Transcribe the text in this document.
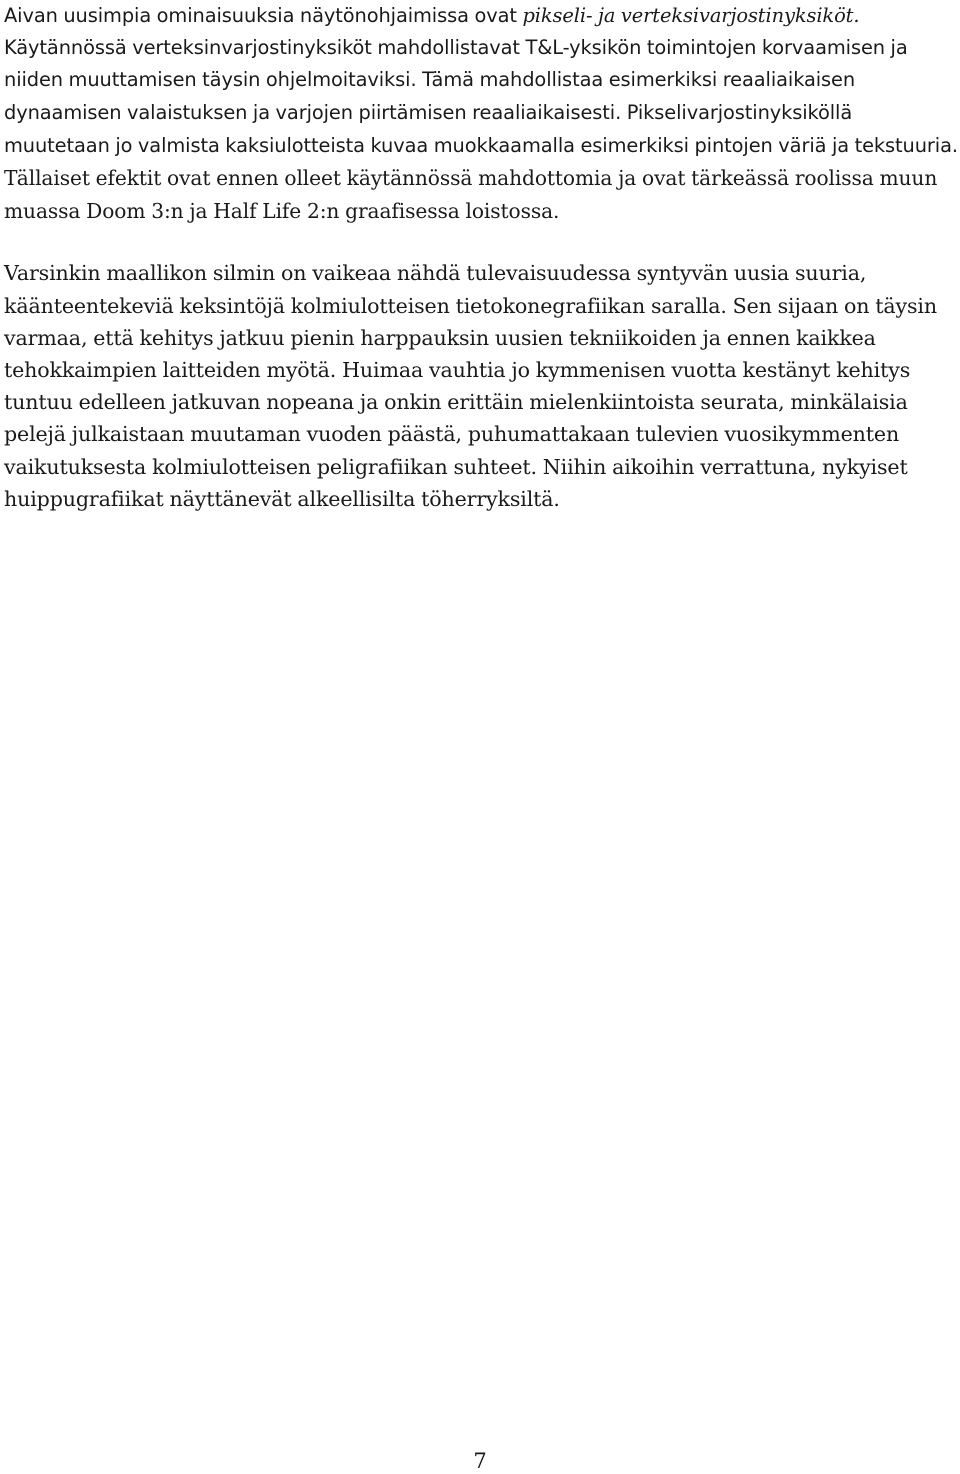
Aivan uusimpia ominaisuuksia näytönohjaimissa ovat pikseli- ja verteksivarjostinyksiköt. Käytännössä verteksinvarjostinyksiköt mahdollistavat T&L-yksikön toimintojen korvaamisen ja niiden muuttamisen täysin ohjelmoitaviksi. Tämä mahdollistaa esimerkiksi reaaliaikaisen dynaamisen valaistuksen ja varjojen piirtämisen reaaliaikaisesti. Pikselivarjostinyksiköllä muutetaan jo valmista kaksiulotteista kuvaa muokkaamalla esimerkiksi pintojen väriä ja tekstuuria. Tällaiset efektit ovat ennen olleet käytännössä mahdottomia ja ovat tärkeässä roolissa muun muassa Doom 3:n ja Half Life 2:n graafisessa loistossa.

Varsinkin maallikon silmin on vaikeaa nähdä tulevaisuudessa syntyvän uusia suuria, käänteentekeviä keksintöjä kolmiulotteisen tietokonegrafiikan saralla. Sen sijaan on täysin varmaa, että kehitys jatkuu pienin harppauksin uusien tekniikoiden ja ennen kaikkea tehokkaimpien laitteiden myötä. Huimaa vauhtia jo kymmenisen vuotta kestänyt kehitys tuntuu edelleen jatkuvan nopeana ja onkin erittäin mielenkiintoista seurata, minkälaisia pelejä julkaistaan muutaman vuoden päästä, puhumattakaan tulevien vuosikymmenten vaikutuksesta kolmiulotteisen peligrafiikan suhteet. Niihin aikoihin verrattuna, nykyiset huippugrafiikat näyttänevät alkeellisilta töherryksiltä.

7
